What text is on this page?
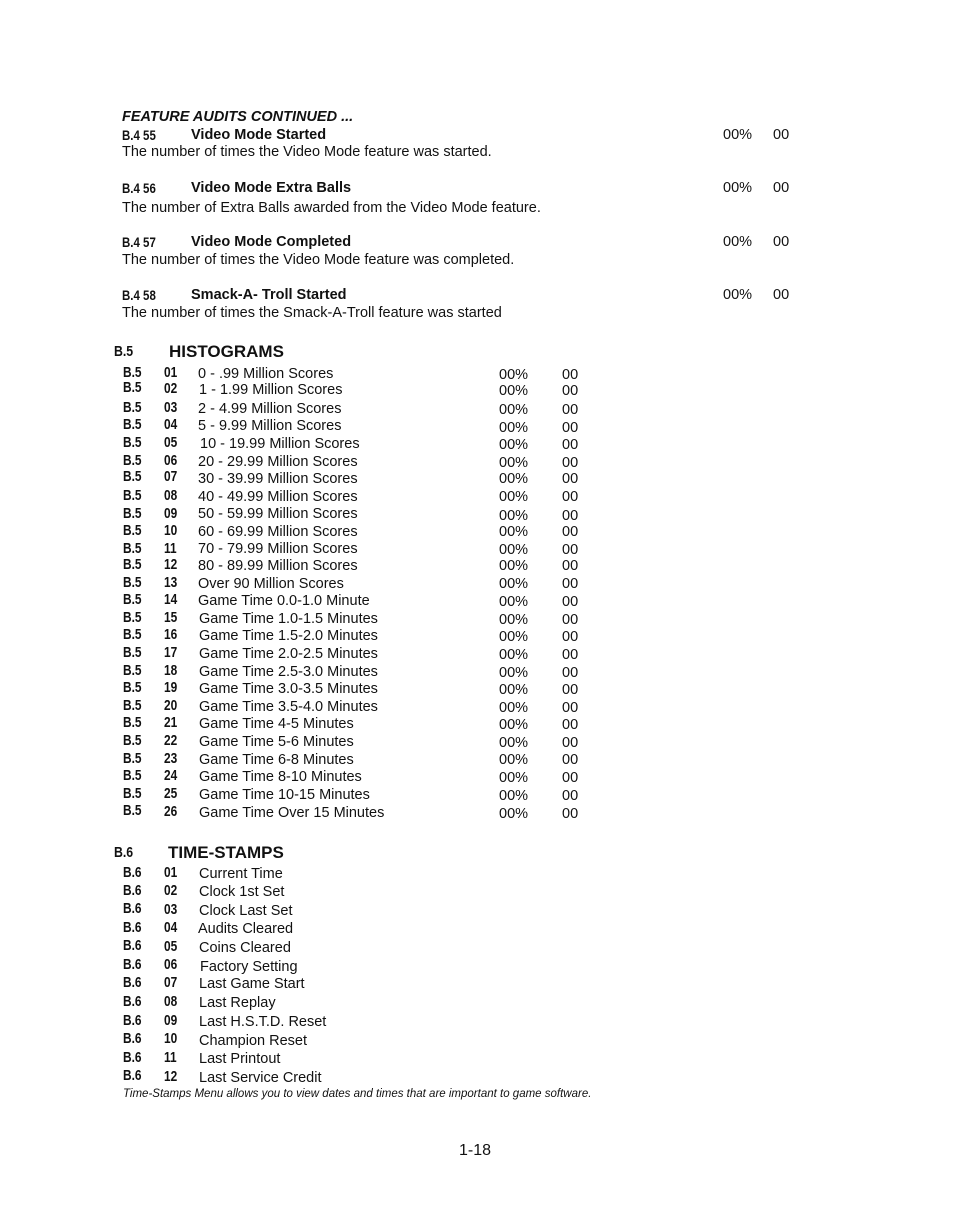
FEATURE AUDITS CONTINUED ...
B.4 55	Video Mode Started	00% 00
The number of times the Video Mode feature was started.
B.4 56	Video Mode Extra Balls	00% 00
The number of Extra Balls awarded from the Video Mode feature.
B.4 57	Video Mode Completed	00% 00
The number of times the Video Mode feature was completed.
B.4 58	Smack-A- Troll Started	00% 00
The number of times the Smack-A-Troll feature was started
B.5 HISTOGRAMS
B.5 01 0 - .99 Million Scores	00% 00
B.5 02 1 - 1.99 Million Scores	00% 00
B.5 03 2 - 4.99 Million Scores	00% 00
B.5 04 5 - 9.99 Million Scores	00% 00
B.5 05 10 - 19.99 Million Scores	00% 00
B.5 06 20 - 29.99 Million Scores	00% 00
B.5 07 30 - 39.99 Million Scores	00% 00
B.5 08 40 - 49.99 Million Scores	00% 00
B.5 09 50 - 59.99 Million Scores	00% 00
B.5 10 60 - 69.99 Million Scores	00% 00
B.5 11 70 - 79.99 Million Scores	00% 00
B.5 12 80 - 89.99 Million Scores	00% 00
B.5 13 Over 90 Million Scores	00% 00
B.5 14 Game Time 0.0-1.0 Minute	00% 00
B.5 15 Game Time 1.0-1.5 Minutes	00% 00
B.5 16 Game Time 1.5-2.0 Minutes	00% 00
B.5 17 Game Time 2.0-2.5 Minutes	00% 00
B.5 18 Game Time 2.5-3.0 Minutes	00% 00
B.5 19 Game Time 3.0-3.5 Minutes	00% 00
B.5 20 Game Time 3.5-4.0 Minutes	00% 00
B.5 21 Game Time 4-5 Minutes	00% 00
B.5 22 Game Time 5-6 Minutes	00% 00
B.5 23 Game Time 6-8 Minutes	00% 00
B.5 24 Game Time 8-10 Minutes	00% 00
B.5 25 Game Time 10-15 Minutes	00% 00
B.5 26 Game Time Over 15 Minutes	00% 00
B.6 TIME-STAMPS
B.6 01 Current Time
B.6 02 Clock 1st Set
B.6 03 Clock Last Set
B.6 04 Audits Cleared
B.6 05 Coins Cleared
B.6 06 Factory Setting
B.6 07 Last Game Start
B.6 08 Last Replay
B.6 09 Last H.S.T.D. Reset
B.6 10 Champion Reset
B.6 11 Last Printout
B.6 12 Last Service Credit
Time-Stamps Menu allows you to view dates and times that are important to game software.
1-18
